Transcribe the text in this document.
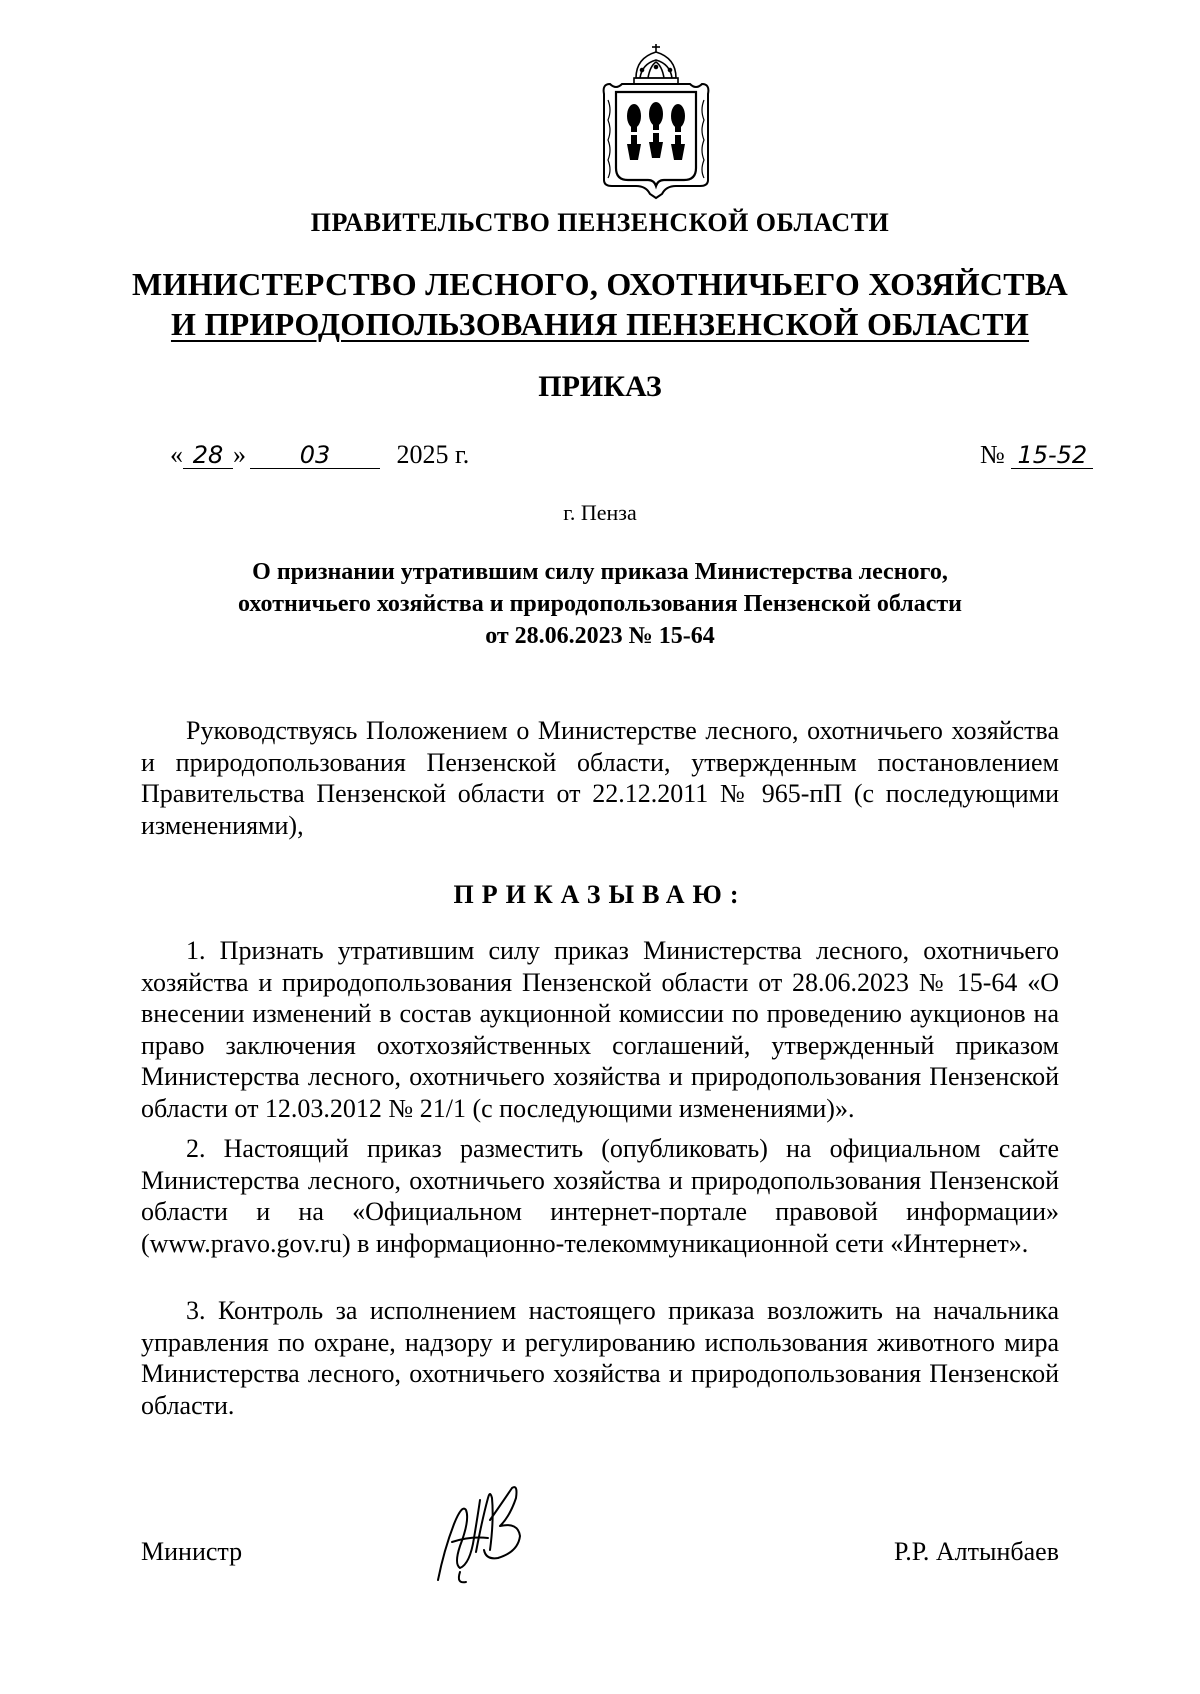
ПРАВИТЕЛЬСТВО ПЕНЗЕНСКОЙ ОБЛАСТИ
МИНИСТЕРСТВО ЛЕСНОГО, ОХОТНИЧЬЕГО ХОЗЯЙСТВА
И ПРИРОДОПОЛЬЗОВАНИЯ ПЕНЗЕНСКОЙ ОБЛАСТИ
ПРИКАЗ
« 28 » 03	2025 г.	№ 15-52
г. Пенза
О признании утратившим силу приказа Министерства лесного,
охотничьего хозяйства и природопользования Пензенской области
от 28.06.2023 № 15-64
Руководствуясь Положением о Министерстве лесного, охотничьего хозяйства и природопользования Пензенской области, утвержденным постановлением Правительства Пензенской области от 22.12.2011 № 965-пП (с последующими изменениями),
ПРИКАЗЫВАЮ:
1. Признать утратившим силу приказ Министерства лесного, охотничьего хозяйства и природопользования Пензенской области от 28.06.2023 № 15-64 «О внесении изменений в состав аукционной комиссии по проведению аукционов на право заключения охотхозяйственных соглашений, утвержденный приказом Министерства лесного, охотничьего хозяйства и природопользования Пензенской области от 12.03.2012 № 21/1 (с последующими изменениями)».
2. Настоящий приказ разместить (опубликовать) на официальном сайте Министерства лесного, охотничьего хозяйства и природопользования Пензенской области и на «Официальном интернет-портале правовой информации» (www.pravo.gov.ru) в информационно-телекоммуникационной сети «Интернет».
3. Контроль за исполнением настоящего приказа возложить на начальника управления по охране, надзору и регулированию использования животного мира Министерства лесного, охотничьего хозяйства и природопользования Пензенской области.
Министр	Р.Р. Алтынбаев
